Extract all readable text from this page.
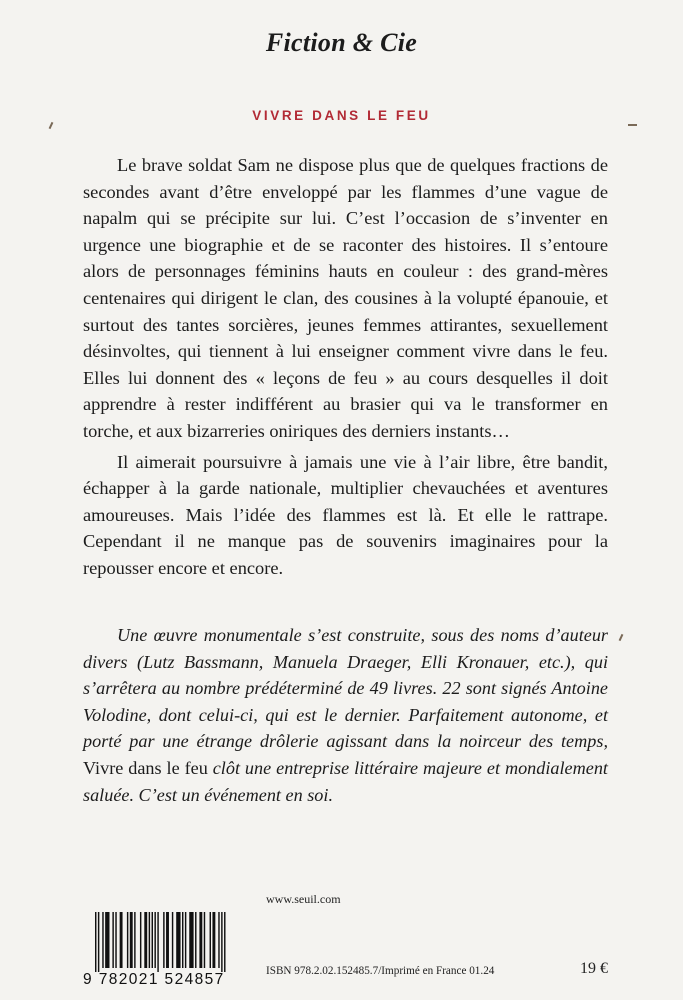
Fiction & Cie
VIVRE DANS LE FEU

Le brave soldat Sam ne dispose plus que de quelques fractions de secondes avant d’être enveloppé par les flammes d’une vague de napalm qui se précipite sur lui. C’est l’occasion de s’inventer en urgence une biographie et de se raconter des histoires. Il s’entoure alors de personnages féminins hauts en couleur : des grand-mères centenaires qui dirigent le clan, des cousines à la volupté épanouie, et surtout des tantes sorcières, jeunes femmes attirantes, sexuellement désinvoltes, qui tiennent à lui enseigner comment vivre dans le feu. Elles lui donnent des « leçons de feu » au cours desquelles il doit apprendre à rester indifférent au brasier qui va le transformer en torche, et aux bizarreries oniriques des derniers instants…

Il aimerait poursuivre à jamais une vie à l’air libre, être bandit, échapper à la garde nationale, multiplier chevauchées et aventures amoureuses. Mais l’idée des flammes est là. Et elle le rattrape. Cependant il ne manque pas de souvenirs imaginaires pour la repousser encore et encore.

Une œuvre monumentale s’est construite, sous des noms d’auteur divers (Lutz Bassmann, Manuela Draeger, Elli Kronauer, etc.), qui s’arrêtera au nombre prédéterminé de 49 livres. 22 sont signés Antoine Volodine, dont celui-ci, qui est le dernier. Parfaitement autonome, et porté par une étrange drôlerie agissant dans la noirceur des temps, Vivre dans le feu clôt une entreprise littéraire majeure et mondialement saluée. C’est un événement en soi.

www.seuil.com
9 782021 524857	ISBN 978.2.02.152485.7/Imprimé en France 01.24	19 €
